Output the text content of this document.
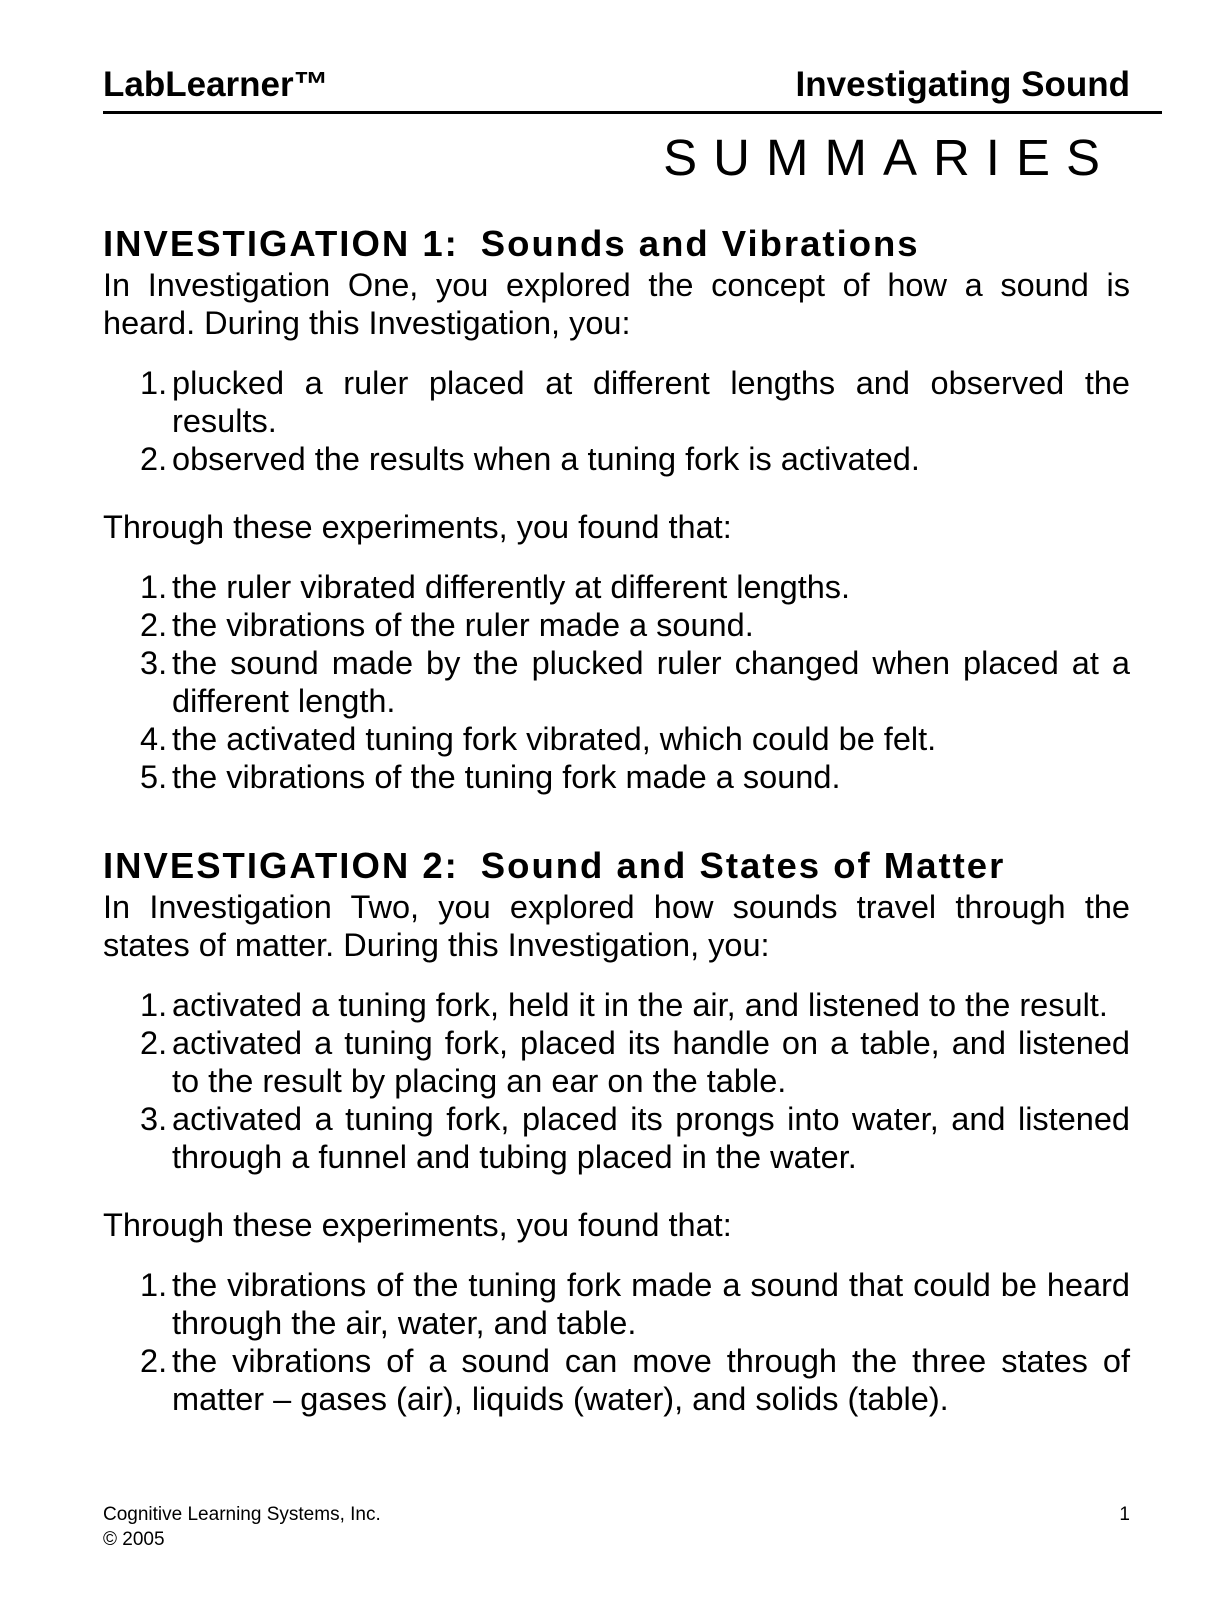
LabLearner™	Investigating Sound
SUMMARIES
INVESTIGATION 1: Sounds and Vibrations

In Investigation One, you explored the concept of how a sound is heard. During this Investigation, you:

plucked a ruler placed at different lengths and observed the results.
observed the results when a tuning fork is activated.

Through these experiments, you found that:

the ruler vibrated differently at different lengths.
the vibrations of the ruler made a sound.
the sound made by the plucked ruler changed when placed at a different length.
the activated tuning fork vibrated, which could be felt.
the vibrations of the tuning fork made a sound.
INVESTIGATION 2: Sound and States of Matter

In Investigation Two, you explored how sounds travel through the states of matter. During this Investigation, you:

activated a tuning fork, held it in the air, and listened to the result.
activated a tuning fork, placed its handle on a table, and listened to the result by placing an ear on the table.
activated a tuning fork, placed its prongs into water, and listened through a funnel and tubing placed in the water.

Through these experiments, you found that:

the vibrations of the tuning fork made a sound that could be heard through the air, water, and table.
the vibrations of a sound can move through the three states of matter – gases (air), liquids (water), and solids (table).
Cognitive Learning Systems, Inc.
© 2005
1
